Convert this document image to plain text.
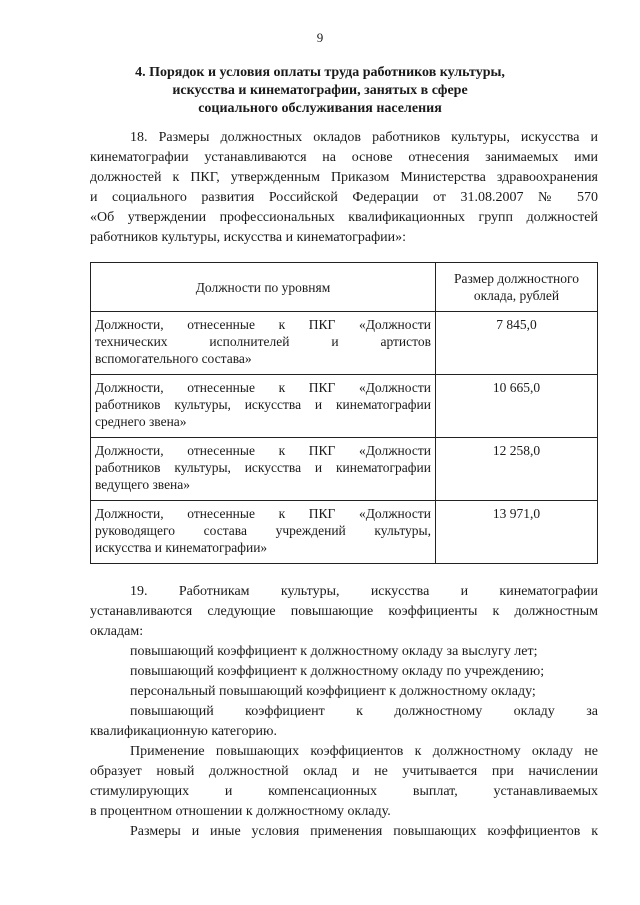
9
4. Порядок и условия оплаты труда работников культуры,
искусства и кинематографии, занятых в сфере
социального обслуживания населения
18. Размеры должностных окладов работников культуры, искусства и
кинематографии устанавливаются на основе отнесения занимаемых ими
должностей к ПКГ, утвержденным Приказом Министерства здравоохранения
и социального развития Российской Федерации от 31.08.2007 № 570
«Об утверждении профессиональных квалификационных групп должностей
работников культуры, искусства и кинематографии»:
Должности по уровням	Размер должностного
оклада, рублей

Должности, отнесенные к ПКГ «Должности
технических исполнителей и артистов
вспомогательного состава»	7 845,0

Должности, отнесенные к ПКГ «Должности
работников культуры, искусства и кинематографии
среднего звена»	10 665,0

Должности, отнесенные к ПКГ «Должности
работников культуры, искусства и кинематографии
ведущего звена»	12 258,0

Должности, отнесенные к ПКГ «Должности
руководящего состава учреждений культуры,
искусства и кинематографии»	13 971,0
19. Работникам культуры, искусства и кинематографии
устанавливаются следующие повышающие коэффициенты к должностным
окладам:
повышающий коэффициент к должностному окладу за выслугу лет;
повышающий коэффициент к должностному окладу по учреждению;
персональный повышающий коэффициент к должностному окладу;
повышающий коэффициент к должностному окладу за
квалификационную категорию.
Применение повышающих коэффициентов к должностному окладу не
образует новый должностной оклад и не учитывается при начислении
стимулирующих и компенсационных выплат, устанавливаемых
в процентном отношении к должностному окладу.
Размеры и иные условия применения повышающих коэффициентов к
